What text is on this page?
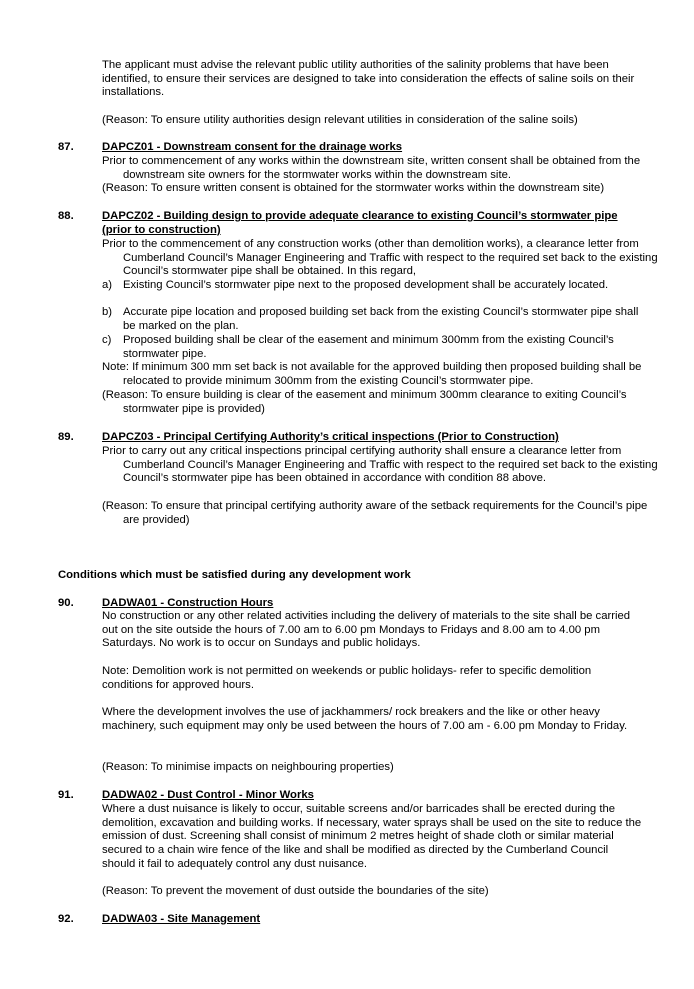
The applicant must advise the relevant public utility authorities of the salinity problems that have been identified, to ensure their services are designed to take into consideration the effects of saline soils on their installations.

(Reason: To ensure utility authorities design relevant utilities in consideration of the saline soils)

87.	DAPCZ01 - Downstream consent for the drainage works

Prior to commencement of any works within the downstream site, written consent shall be obtained from the downstream site owners for the stormwater works within the downstream site.

(Reason: To ensure written consent is obtained for the stormwater works within the downstream site)

88.	DAPCZ02 - Building design to provide adequate clearance to existing Council’s stormwater pipe (prior to construction)

Prior to the commencement of any construction works (other than demolition works), a clearance letter from Cumberland Council’s Manager Engineering and Traffic with respect to the required set back to the existing Council’s stormwater pipe shall be obtained. In this regard,

a) Existing Council’s stormwater pipe next to the proposed development shall be accurately located.
b) Accurate pipe location and proposed building set back from the existing Council’s stormwater pipe shall be marked on the plan.
c) Proposed building shall be clear of the easement and minimum 300mm from the existing Council’s stormwater pipe.

Note: If minimum 300 mm set back is not available for the approved building then proposed building shall be relocated to provide minimum 300mm from the existing Council’s stormwater pipe.

(Reason: To ensure building is clear of the easement and minimum 300mm clearance to exiting Council’s stormwater pipe is provided)

89.	DAPCZ03 - Principal Certifying Authority’s critical inspections (Prior to Construction)

Prior to carry out any critical inspections principal certifying authority shall ensure a clearance letter from Cumberland Council’s Manager Engineering and Traffic with respect to the required set back to the existing Council’s stormwater pipe has been obtained in accordance with condition 88 above.

(Reason: To ensure that principal certifying authority aware of the setback requirements for the Council’s pipe are provided)

Conditions which must be satisfied during any development work
90.	DADWA01 - Construction Hours

No construction or any other related activities including the delivery of materials to the site shall be carried out on the site outside the hours of 7.00 am to 6.00 pm Mondays to Fridays and 8.00 am to 4.00 pm Saturdays. No work is to occur on Sundays and public holidays.

Note: Demolition work is not permitted on weekends or public holidays- refer to specific demolition conditions for approved hours.

Where the development involves the use of jackhammers/ rock breakers and the like or other heavy machinery, such equipment may only be used between the hours of 7.00 am - 6.00 pm Monday to Friday.

(Reason: To minimise impacts on neighbouring properties)

91.	DADWA02 - Dust Control - Minor Works

Where a dust nuisance is likely to occur, suitable screens and/or barricades shall be erected during the demolition, excavation and building works. If necessary, water sprays shall be used on the site to reduce the emission of dust. Screening shall consist of minimum 2 metres height of shade cloth or similar material secured to a chain wire fence of the like and shall be modified as directed by the Cumberland Council should it fail to adequately control any dust nuisance.

(Reason: To prevent the movement of dust outside the boundaries of the site)

92.	DADWA03 - Site Management
